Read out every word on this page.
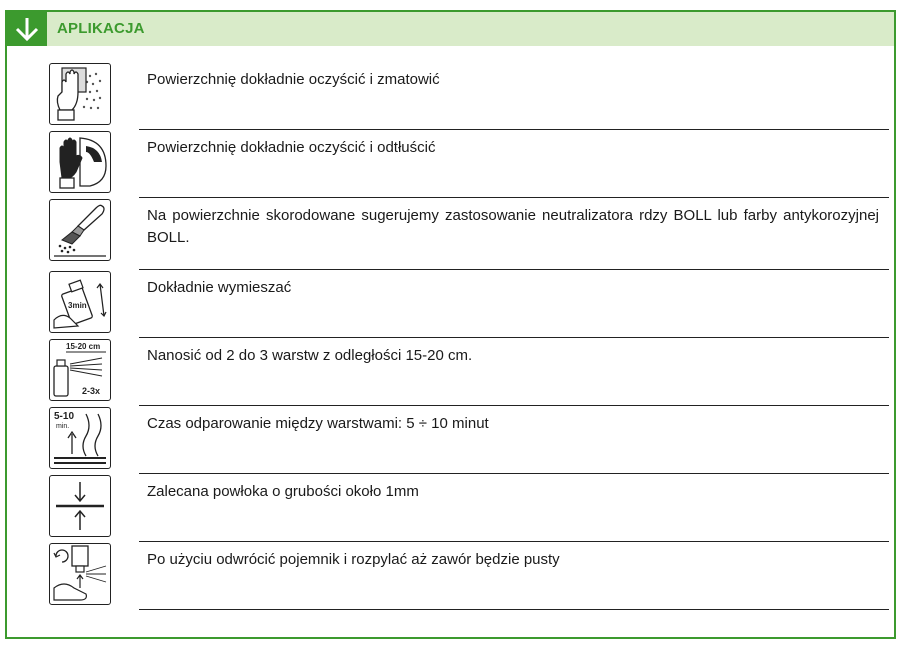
APLIKACJA
Powierzchnię dokładnie oczyścić i zmatowić
Powierzchnię dokładnie oczyścić i odtłuścić
Na powierzchnie skorodowane sugerujemy zastosowanie neutralizatora rdzy BOLL lub farby antykorozyjnej BOLL.
3min
Dokładnie wymieszać
15-20 cm
2-3x
Nanosić od 2 do 3 warstw z odległości 15-20 cm.
5-10
min.	Czas odparowanie między warstwami: 5 ÷ 10 minut
Zalecana powłoka o grubości około 1mm
Po użyciu odwrócić pojemnik i rozpylać aż zawór będzie pusty
